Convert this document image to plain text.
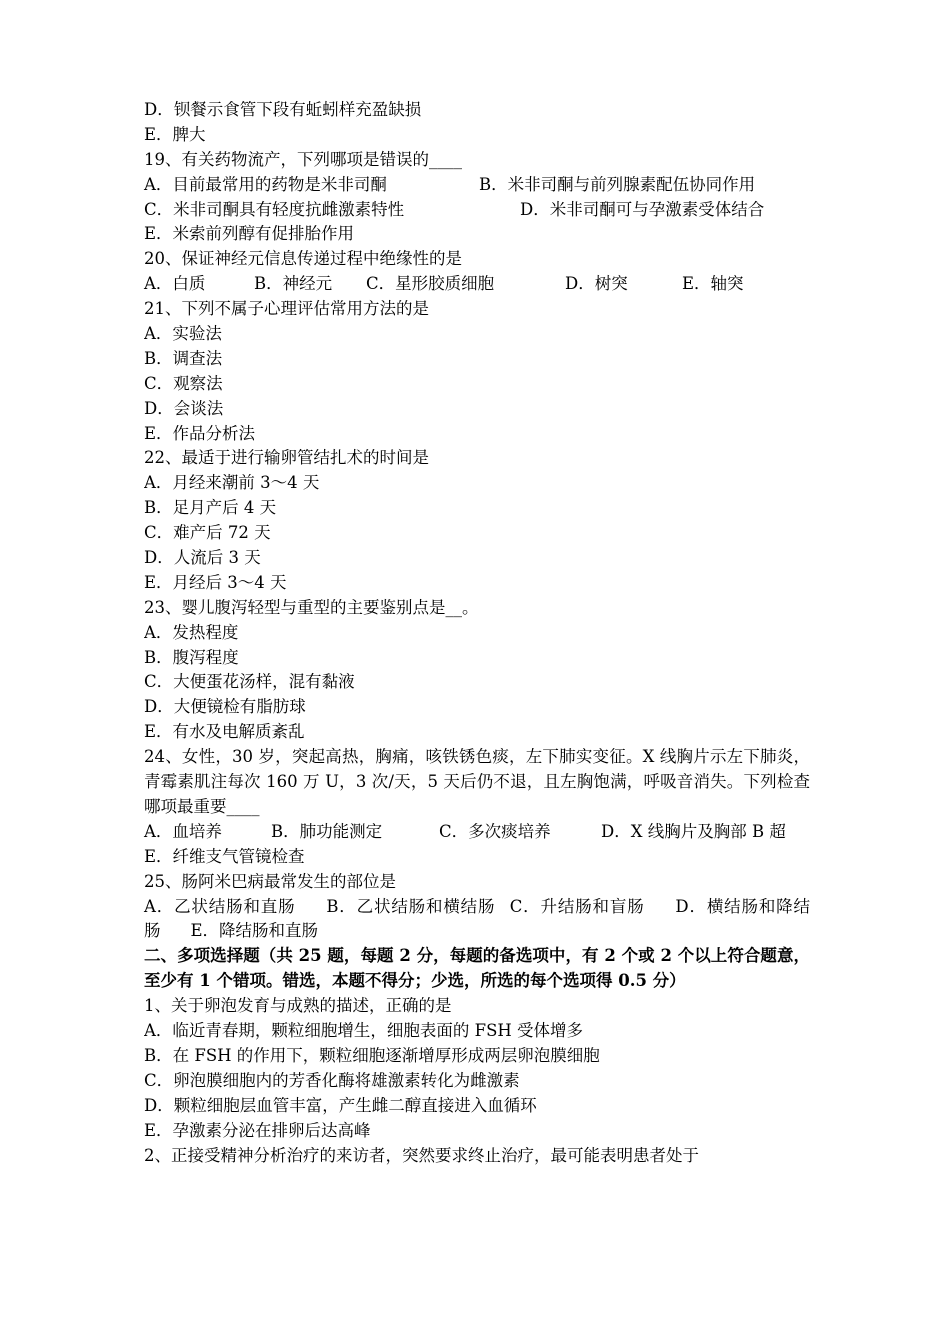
D．钡餐示食管下段有蚯蚓样充盈缺损
E．脾大
19、有关药物流产，下列哪项是错误的____
A．目前最常用的药物是米非司酮	B．米非司酮与前列腺素配伍协同作用
C．米非司酮具有轻度抗雌激素特性	D．米非司酮可与孕激素受体结合
E．米索前列醇有促排胎作用
20、保证神经元信息传递过程中绝缘性的是
A．白质	B．神经元	C．星形胶质细胞	D．树突	E．轴突
21、下列不属子心理评估常用方法的是
A．实验法
B．调查法
C．观察法
D．会谈法
E．作品分析法
22、最适于进行输卵管结扎术的时间是
A．月经来潮前 3～4 天
B．足月产后 4 天
C．难产后 72 天
D．人流后 3 天
E．月经后 3～4 天
23、婴儿腹泻轻型与重型的主要鉴别点是__。
A．发热程度
B．腹泻程度
C．大便蛋花汤样，混有黏液
D．大便镜检有脂肪球
E．有水及电解质紊乱
24、女性，30 岁，突起高热，胸痛，咳铁锈色痰，左下肺实变征。X 线胸片示左下肺炎，青霉素肌注每次 160 万 U，3 次/天，5 天后仍不退，且左胸饱满，呼吸音消失。下列检查哪项最重要____
A．血培养	B．肺功能测定	C．多次痰培养	D．X 线胸片及胸部 B 超
E．纤维支气管镜检查
25、肠阿米巴病最常发生的部位是
A．乙状结肠和直肠   B．乙状结肠和横结肠  C．升结肠和盲肠   D．横结肠和降结肠   E．降结肠和直肠
二、多项选择题（共 25 题，每题 2 分，每题的备选项中，有 2 个或 2 个以上符合题意，至少有 1 个错项。错选，本题不得分；少选，所选的每个选项得 0.5 分）
1、关于卵泡发育与成熟的描述，正确的是
A．临近青春期，颗粒细胞增生，细胞表面的 FSH 受体增多
B．在 FSH 的作用下，颗粒细胞逐渐增厚形成两层卵泡膜细胞
C．卵泡膜细胞内的芳香化酶将雄激素转化为雌激素
D．颗粒细胞层血管丰富，产生雌二醇直接进入血循环
E．孕激素分泌在排卵后达高峰
2、正接受精神分析治疗的来访者，突然要求终止治疗，最可能表明患者处于
